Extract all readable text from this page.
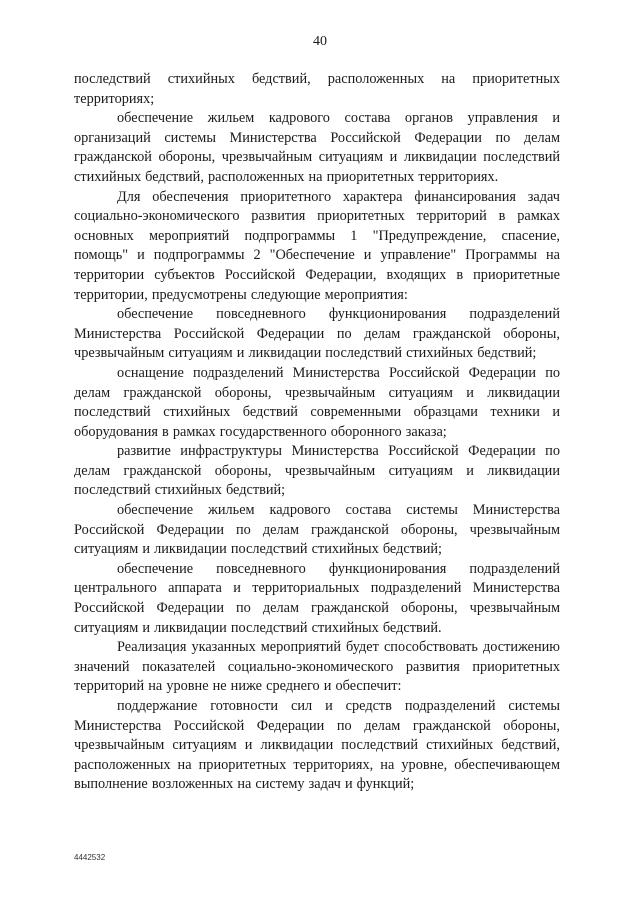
40

последствий стихийных бедствий, расположенных на приоритетных территориях;

обеспечение жильем кадрового состава органов управления и организаций системы Министерства Российской Федерации по делам гражданской обороны, чрезвычайным ситуациям и ликвидации последствий стихийных бедствий, расположенных на приоритетных территориях.

Для обеспечения приоритетного характера финансирования задач социально-экономического развития приоритетных территорий в рамках основных мероприятий подпрограммы 1 "Предупреждение, спасение, помощь" и подпрограммы 2 "Обеспечение и управление" Программы на территории субъектов Российской Федерации, входящих в приоритетные территории, предусмотрены следующие мероприятия:

обеспечение повседневного функционирования подразделений Министерства Российской Федерации по делам гражданской обороны, чрезвычайным ситуациям и ликвидации последствий стихийных бедствий;

оснащение подразделений Министерства Российской Федерации по делам гражданской обороны, чрезвычайным ситуациям и ликвидации последствий стихийных бедствий современными образцами техники и оборудования в рамках государственного оборонного заказа;

развитие инфраструктуры Министерства Российской Федерации по делам гражданской обороны, чрезвычайным ситуациям и ликвидации последствий стихийных бедствий;

обеспечение жильем кадрового состава системы Министерства Российской Федерации по делам гражданской обороны, чрезвычайным ситуациям и ликвидации последствий стихийных бедствий;

обеспечение повседневного функционирования подразделений центрального аппарата и территориальных подразделений Министерства Российской Федерации по делам гражданской обороны, чрезвычайным ситуациям и ликвидации последствий стихийных бедствий.

Реализация указанных мероприятий будет способствовать достижению значений показателей социально-экономического развития приоритетных территорий на уровне не ниже среднего и обеспечит:

поддержание готовности сил и средств подразделений системы Министерства Российской Федерации по делам гражданской обороны, чрезвычайным ситуациям и ликвидации последствий стихийных бедствий, расположенных на приоритетных территориях, на уровне, обеспечивающем выполнение возложенных на систему задач и функций;

4442532
